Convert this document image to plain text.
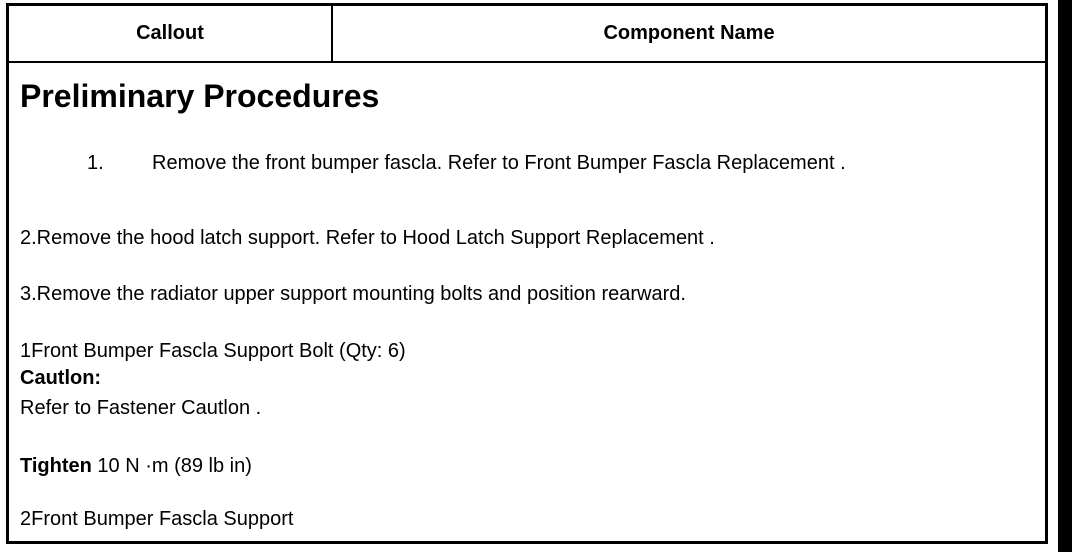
Callout	Component Name
Preliminary Procedures
1. Remove the front bumper fascla. Refer to Front Bumper Fascla Replacement .
2.Remove the hood latch support. Refer to Hood Latch Support Replacement .
3.Remove the radiator upper support mounting bolts and position rearward.
1Front Bumper Fascla Support Bolt (Qty: 6)
Cautlon:
Refer to Fastener Cautlon .
Tighten 10 N ·m (89 lb in)
2Front Bumper Fascla Support
